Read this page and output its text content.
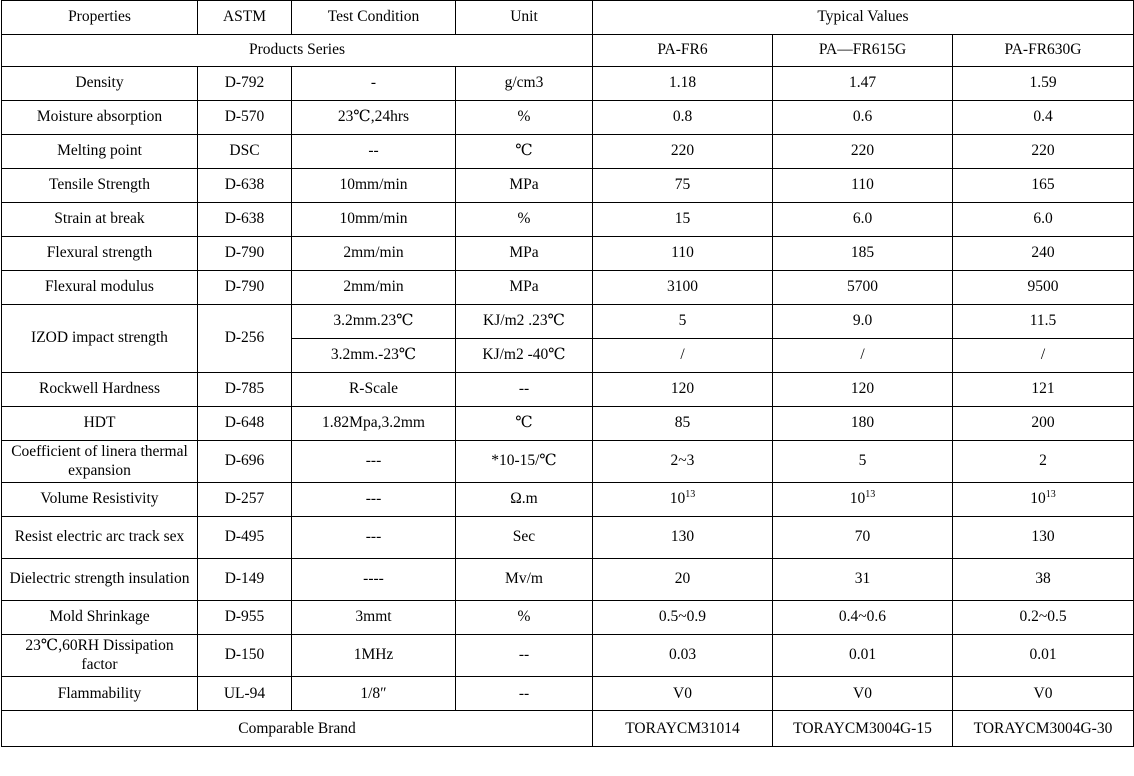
Properties	ASTM	Test Condition	Unit	Typical Values		
Products Series				PA-FR6	PA—FR615G	PA-FR630G
Density	D-792	-	g/cm3	1.18	1.47	1.59
Moisture absorption	D-570	23℃,24hrs	%	0.8	0.6	0.4
Melting point	DSC	--	℃	220	220	220
Tensile Strength	D-638	10mm/min	MPa	75	110	165
Strain at break	D-638	10mm/min	%	15	6.0	6.0
Flexural strength	D-790	2mm/min	MPa	110	185	240
Flexural modulus	D-790	2mm/min	MPa	3100	5700	9500
IZOD impact strength	D-256	3.2mm.23℃	KJ/m2 .23℃	5	9.0	11.5
		3.2mm.-23℃	KJ/m2 -40℃	/	/	/
Rockwell Hardness	D-785	R-Scale	--	120	120	121
HDT	D-648	1.82Mpa,3.2mm	℃	85	180	200
Coefficient of linera thermal expansion	D-696	---	*10-15/℃	2~3	5	2
Volume Resistivity	D-257	---	Ω.m	$10^{13}$	$10^{13}$	$10^{13}$
Resist electric arc track sex	D-495	---	Sec	130	70	130
Dielectric strength insulation	D-149	----	Mv/m	20	31	38
Mold Shrinkage	D-955	3mmt	%	0.5~0.9	0.4~0.6	0.2~0.5
23℃,60RH Dissipation factor	D-150	1MHz	--	0.03	0.01	0.01
Flammability	UL-94	1/8″	--	V0	V0	V0
Comparable Brand				TORAYCM31014	TORAYCM3004G-15	TORAYCM3004G-30
